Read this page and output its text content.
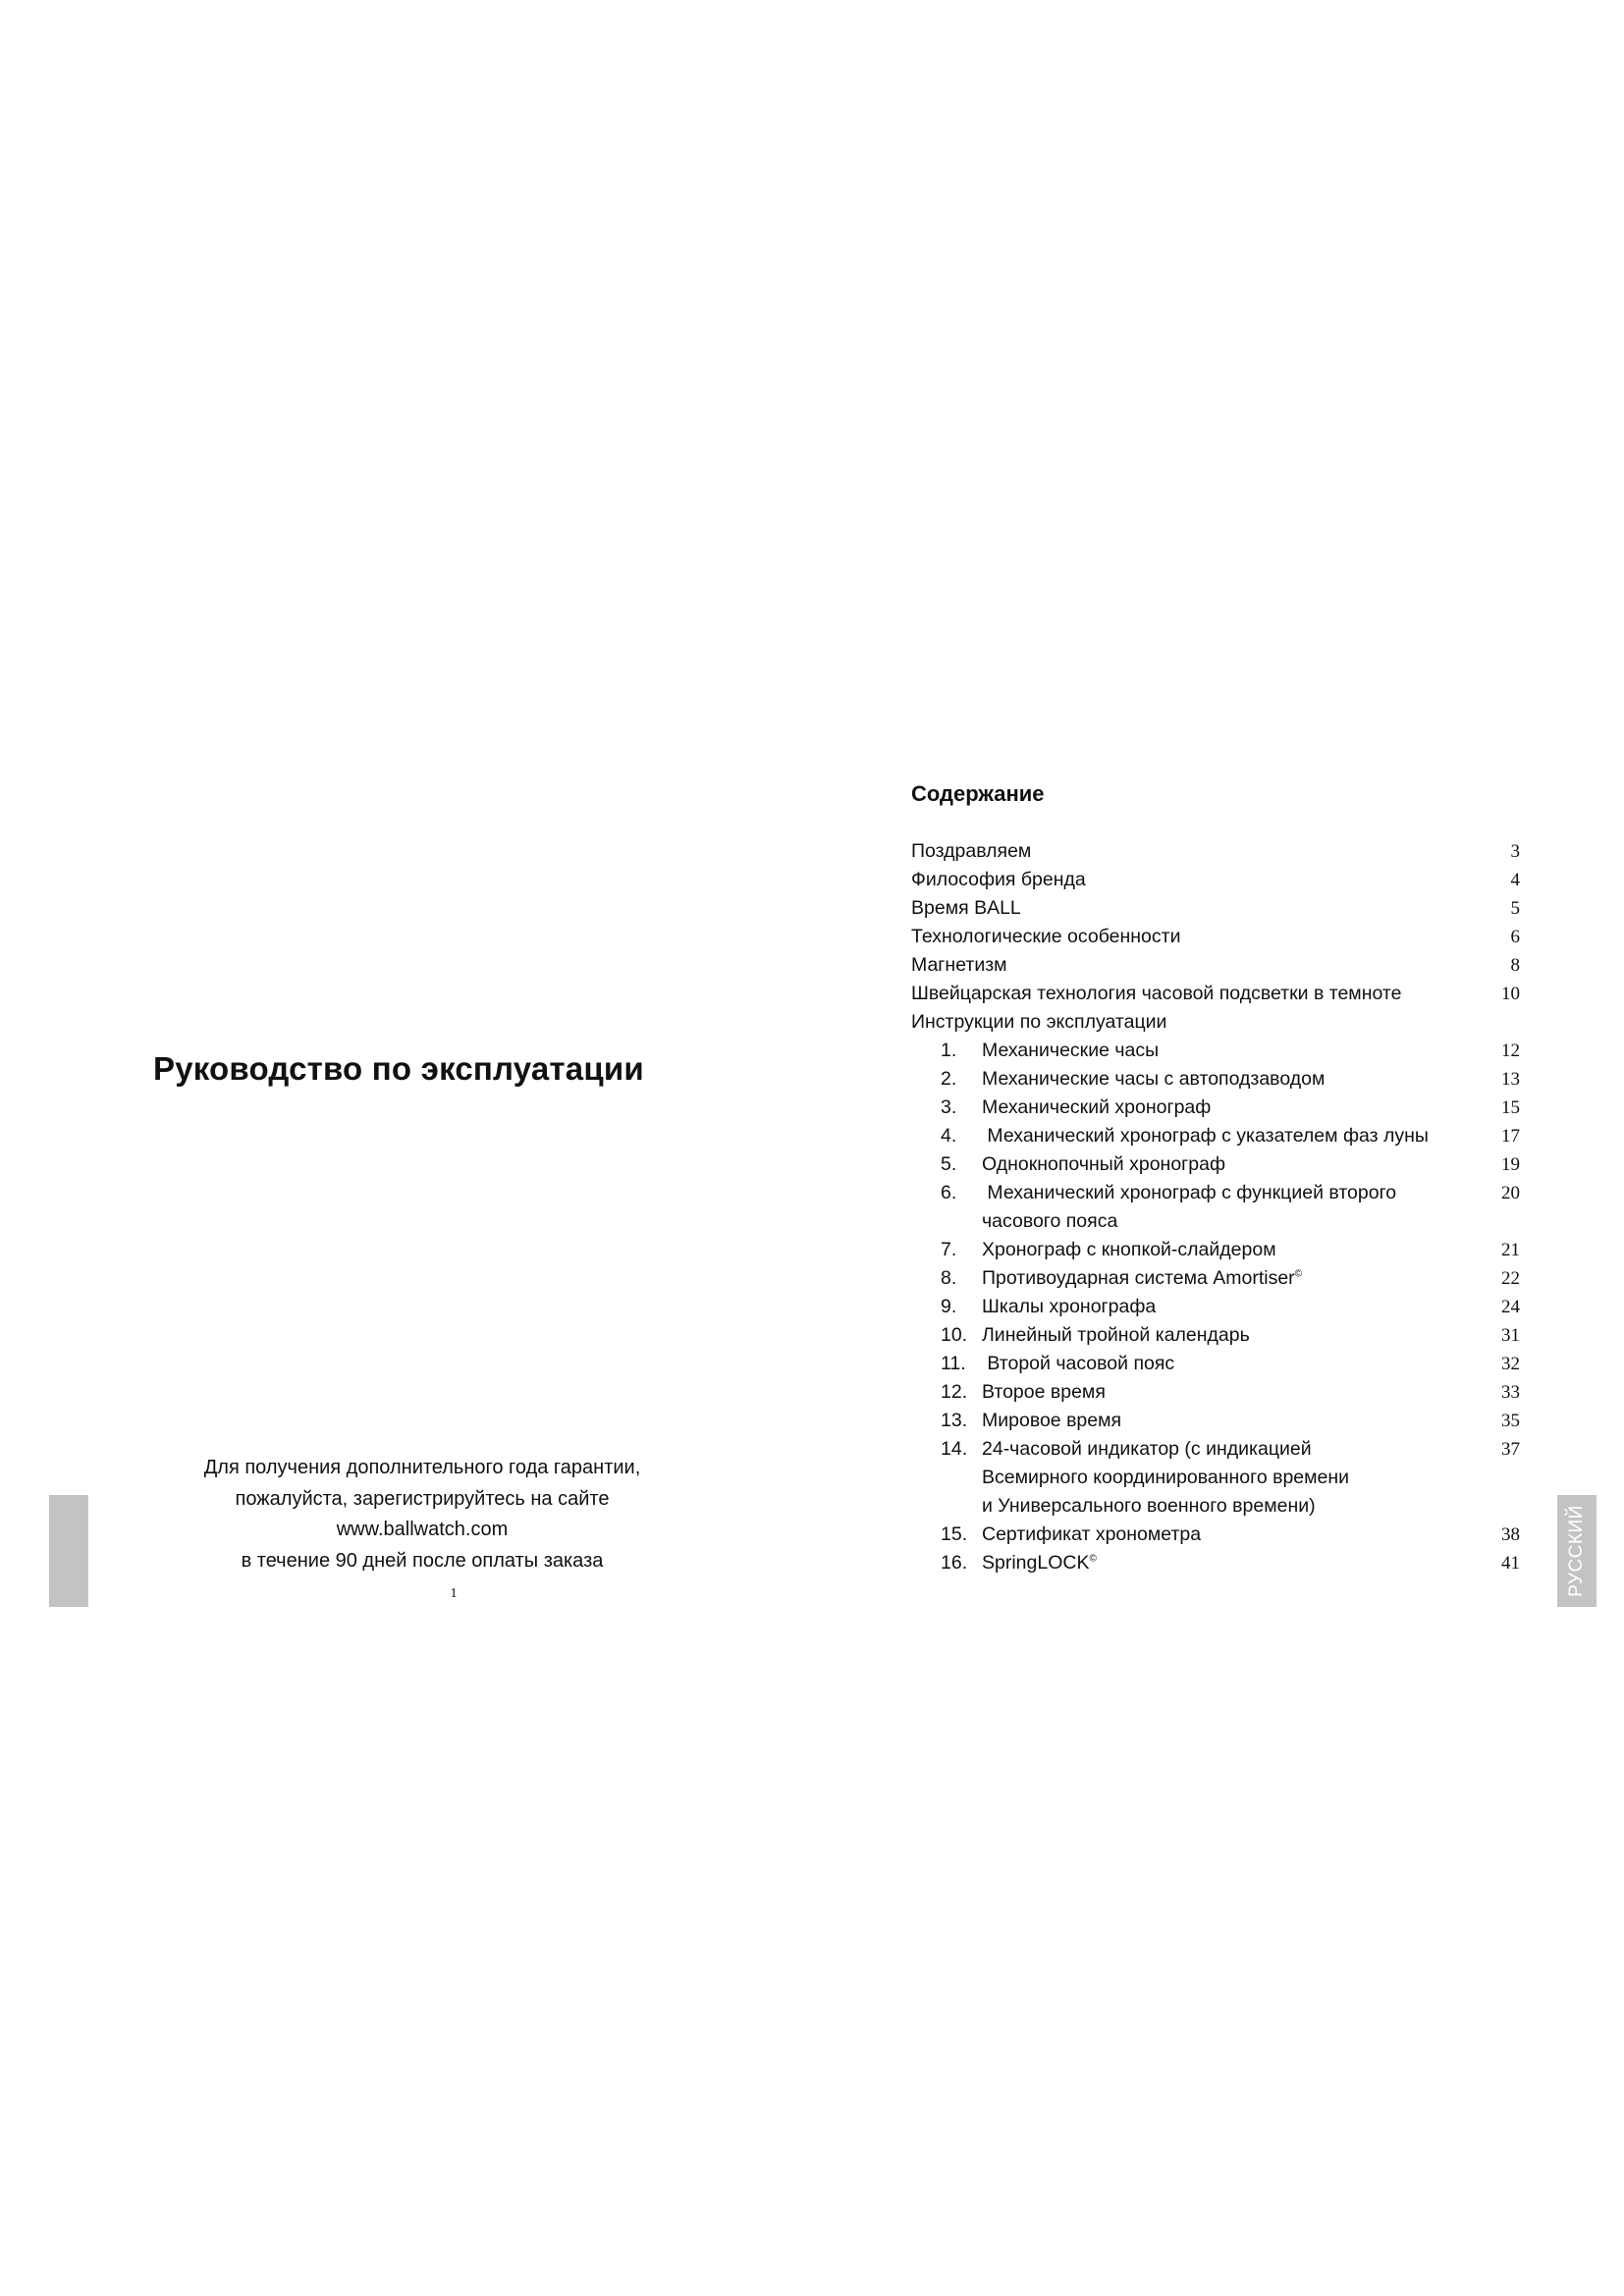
Руководство по эксплуатации
Для получения дополнительного года гарантии,
пожалуйста, зарегистрируйтесь на сайте
www.ballwatch.com
в течение 90 дней после оплаты заказа
1
Содержание
Поздравляем	3
Философия бренда	4
Время BALL	5
Технологические особенности	6
Магнетизм	8
Швейцарская технология часовой подсветки в темноте	10
Инструкции по эксплуатации
1.	Механические часы	12
2.	Механические часы с автоподзаводом	13
3.	Механический хронограф	15
4.	Механический хронограф с указателем фаз луны	17
5.	Однокнопочный хронограф	19
6.	Механический хронограф с функцией второго	20
часового пояса
7.	Хронограф с кнопкой-слайдером	21
8.	Противоударная система Amortiser©	22
9.	Шкалы хронографа	24
10. Линейный тройной календарь	31
11. Второй часовой пояс	32
12. Второе время	33
13. Мировое время	35
14. 24-часовой индикатор (с индикацией	37
Всемирного координированного времени
и Универсального военного времени)
15. Сертификат хронометра	38
16. SpringLOCK©	41 РУССКИЙ
